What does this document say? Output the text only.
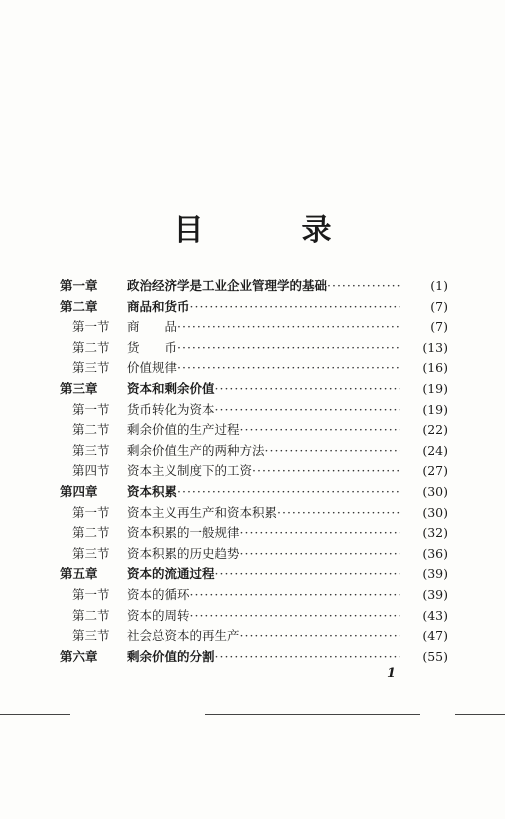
目　录
第一章 政治经济学是工业企业管理学的基础 ·····	(1)
第二章 商品和货币 ·····	(7)
第一节 商　　品 ·····	(7)
第二节 货　　币 ·····	(13)
第三节 价值规律 ·····	(16)
第三章 资本和剩余价值 ·····	(19)
第一节 货币转化为资本 ·····	(19)
第二节 剩余价值的生产过程 ·····	(22)
第三节 剩余价值生产的两种方法 ·····	(24)
第四节 资本主义制度下的工资 ·····	(27)
第四章 资本积累 ·····	(30)
第一节 资本主义再生产和资本积累 ·····	(30)
第二节 资本积累的一般规律 ·····	(32)
第三节 资本积累的历史趋势 ·····	(36)
第五章 资本的流通过程 ·····	(39)
第一节 资本的循环 ·····	(39)
第二节 资本的周转 ·····	(43)
第三节 社会总资本的再生产 ·····	(47)
第六章 剩余价值的分割 ·····	(55)
1
